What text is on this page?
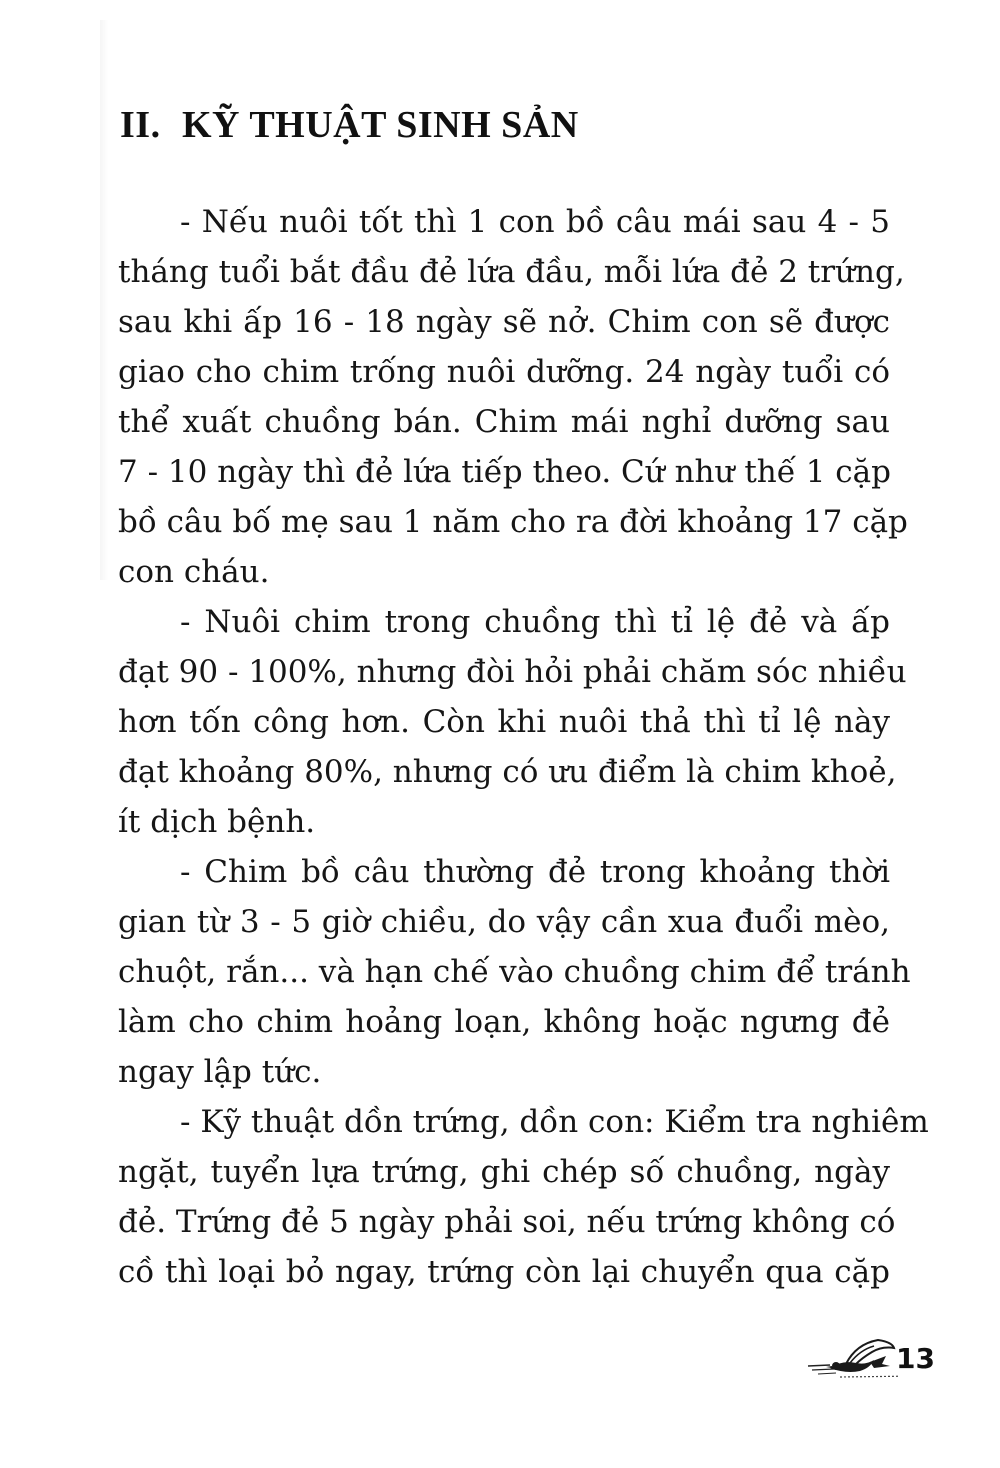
II. KỸ THUẬT SINH SẢN
- Nếu nuôi tốt thì 1 con bồ câu mái sau 4 - 5
tháng tuổi bắt đầu đẻ lứa đầu, mỗi lứa đẻ 2 trứng,
sau khi ấp 16 - 18 ngày sẽ nở. Chim con sẽ được
giao cho chim trống nuôi dưỡng. 24 ngày tuổi có
thể xuất chuồng bán. Chim mái nghỉ dưỡng sau
7 - 10 ngày thì đẻ lứa tiếp theo. Cứ như thế 1 cặp
bồ câu bố mẹ sau 1 năm cho ra đời khoảng 17 cặp
con cháu.
- Nuôi chim trong chuồng thì tỉ lệ đẻ và ấp
đạt 90 - 100%, nhưng đòi hỏi phải chăm sóc nhiều
hơn tốn công hơn. Còn khi nuôi thả thì tỉ lệ này
đạt khoảng 80%, nhưng có ưu điểm là chim khoẻ,
ít dịch bệnh.
- Chim bồ câu thường đẻ trong khoảng thời
gian từ 3 - 5 giờ chiều, do vậy cần xua đuổi mèo,
chuột, rắn... và hạn chế vào chuồng chim để tránh
làm cho chim hoảng loạn, không hoặc ngưng đẻ
ngay lập tức.
- Kỹ thuật dồn trứng, dồn con: Kiểm tra nghiêm
ngặt, tuyển lựa trứng, ghi chép số chuồng, ngày
đẻ. Trứng đẻ 5 ngày phải soi, nếu trứng không có
cồ thì loại bỏ ngay, trứng còn lại chuyển qua cặp
13
